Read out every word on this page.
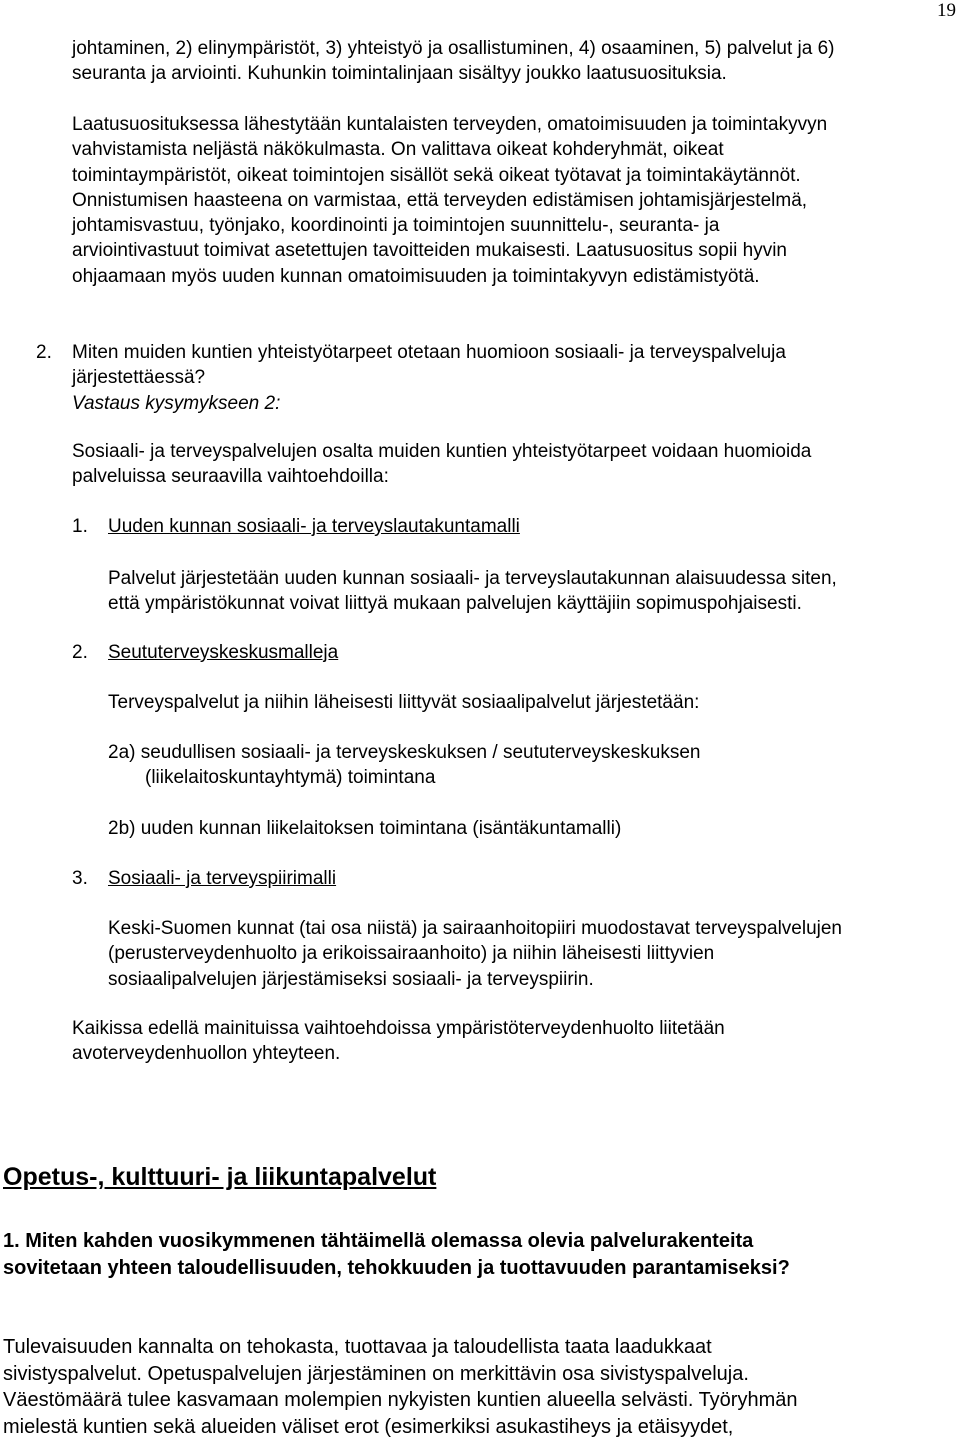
19

johtaminen, 2) elinympäristöt, 3) yhteistyö ja osallistuminen, 4) osaaminen, 5) palvelut ja 6)
seuranta ja arviointi. Kuhunkin toimintalinjaan sisältyy joukko laatusuosituksia.

Laatusuosituksessa lähestytään kuntalaisten terveyden, omatoimisuuden ja toimintakyvyn
vahvistamista neljästä näkökulmasta. On valittava oikeat kohderyhmät, oikeat
toimintaympäristöt, oikeat toimintojen sisällöt sekä oikeat työtavat ja toimintakäytännöt.
Onnistumisen haasteena on varmistaa, että terveyden edistämisen johtamisjärjestelmä,
johtamisvastuu, työnjako, koordinointi ja toimintojen suunnittelu-, seuranta- ja
arviointivastuut toimivat asetettujen tavoitteiden mukaisesti. Laatusuositus sopii hyvin
ohjaamaan myös uuden kunnan omatoimisuuden ja toimintakyvyn edistämistyötä.

2. Miten muiden kuntien yhteistyötarpeet otetaan huomioon sosiaali- ja terveyspalveluja
järjestettäessä?
Vastaus kysymykseen 2:

Sosiaali- ja terveyspalvelujen osalta muiden kuntien yhteistyötarpeet voidaan huomioida
palveluissa seuraavilla vaihtoehdoilla:

1. Uuden kunnan sosiaali- ja terveyslautakuntamalli

Palvelut järjestetään uuden kunnan sosiaali- ja terveyslautakunnan alaisuudessa siten,
että ympäristökunnat voivat liittyä mukaan palvelujen käyttäjiin sopimuspohjaisesti.

2. Seututerveyskeskusmalleja

Terveyspalvelut ja niihin läheisesti liittyvät sosiaalipalvelut järjestetään:

2a) seudullisen sosiaali- ja terveyskeskuksen / seututerveyskeskuksen
(liikelaitoskuntayhtymä) toimintana

2b) uuden kunnan liikelaitoksen toimintana (isäntäkuntamalli)

3. Sosiaali- ja terveyspiirimalli

Keski-Suomen kunnat (tai osa niistä) ja sairaanhoitopiiri muodostavat terveyspalvelujen
(perusterveydenhuolto ja erikoissairaanhoito) ja niihin läheisesti liittyvien
sosiaalipalvelujen järjestämiseksi sosiaali- ja terveyspiirin.

Kaikissa edellä mainituissa vaihtoehdoissa ympäristöterveydenhuolto liitetään
avoterveydenhuollon yhteyteen.

Opetus-, kulttuuri- ja liikuntapalvelut

1. Miten kahden vuosikymmenen tähtäimellä olemassa olevia palvelurakenteita
sovitetaan yhteen taloudellisuuden, tehokkuuden ja tuottavuuden parantamiseksi?

Tulevaisuuden kannalta on tehokasta, tuottavaa ja taloudellista taata laadukkaat
sivistyspalvelut. Opetuspalvelujen järjestäminen on merkittävin osa sivistyspalveluja.
Väestömäärä tulee kasvamaan molempien nykyisten kuntien alueella selvästi. Työryhmän
mielestä kuntien sekä alueiden väliset erot (esimerkiksi asukastiheys ja etäisyydet,
